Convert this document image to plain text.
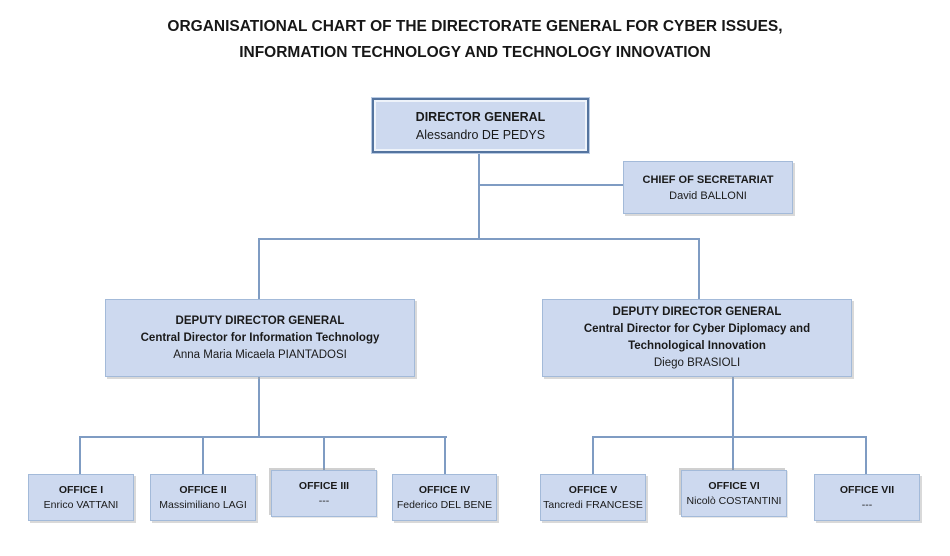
ORGANISATIONAL CHART OF THE DIRECTORATE GENERAL FOR CYBER ISSUES,
INFORMATION TECHNOLOGY AND TECHNOLOGY INNOVATION
DIRECTOR GENERAL
Alessandro DE PEDYS
CHIEF OF SECRETARIAT
David BALLONI
DEPUTY DIRECTOR GENERAL
Central Director for Information Technology
Anna Maria Micaela PIANTADOSI
DEPUTY DIRECTOR GENERAL
Central Director for Cyber Diplomacy and
Technological Innovation
Diego BRASIOLI
OFFICE I
Enrico VATTANI
OFFICE II
Massimiliano LAGI
OFFICE III
---
OFFICE IV
Federico DEL BENE
OFFICE V
Tancredi FRANCESE
OFFICE VI
Nicolò COSTANTINI
OFFICE VII
---
